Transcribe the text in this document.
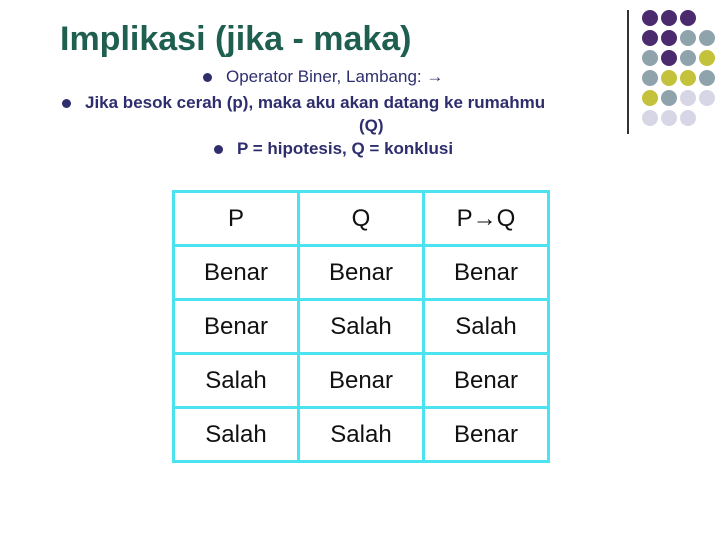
Implikasi (jika - maka)
Operator Biner, Lambang: →
Jika besok cerah (p), maka aku akan datang ke rumahmu
(Q)
P = hipotesis, Q = konklusi
P	Q	P→Q
Benar	Benar	Benar
Benar	Salah	Salah
Salah	Benar	Benar
Salah	Salah	Benar
